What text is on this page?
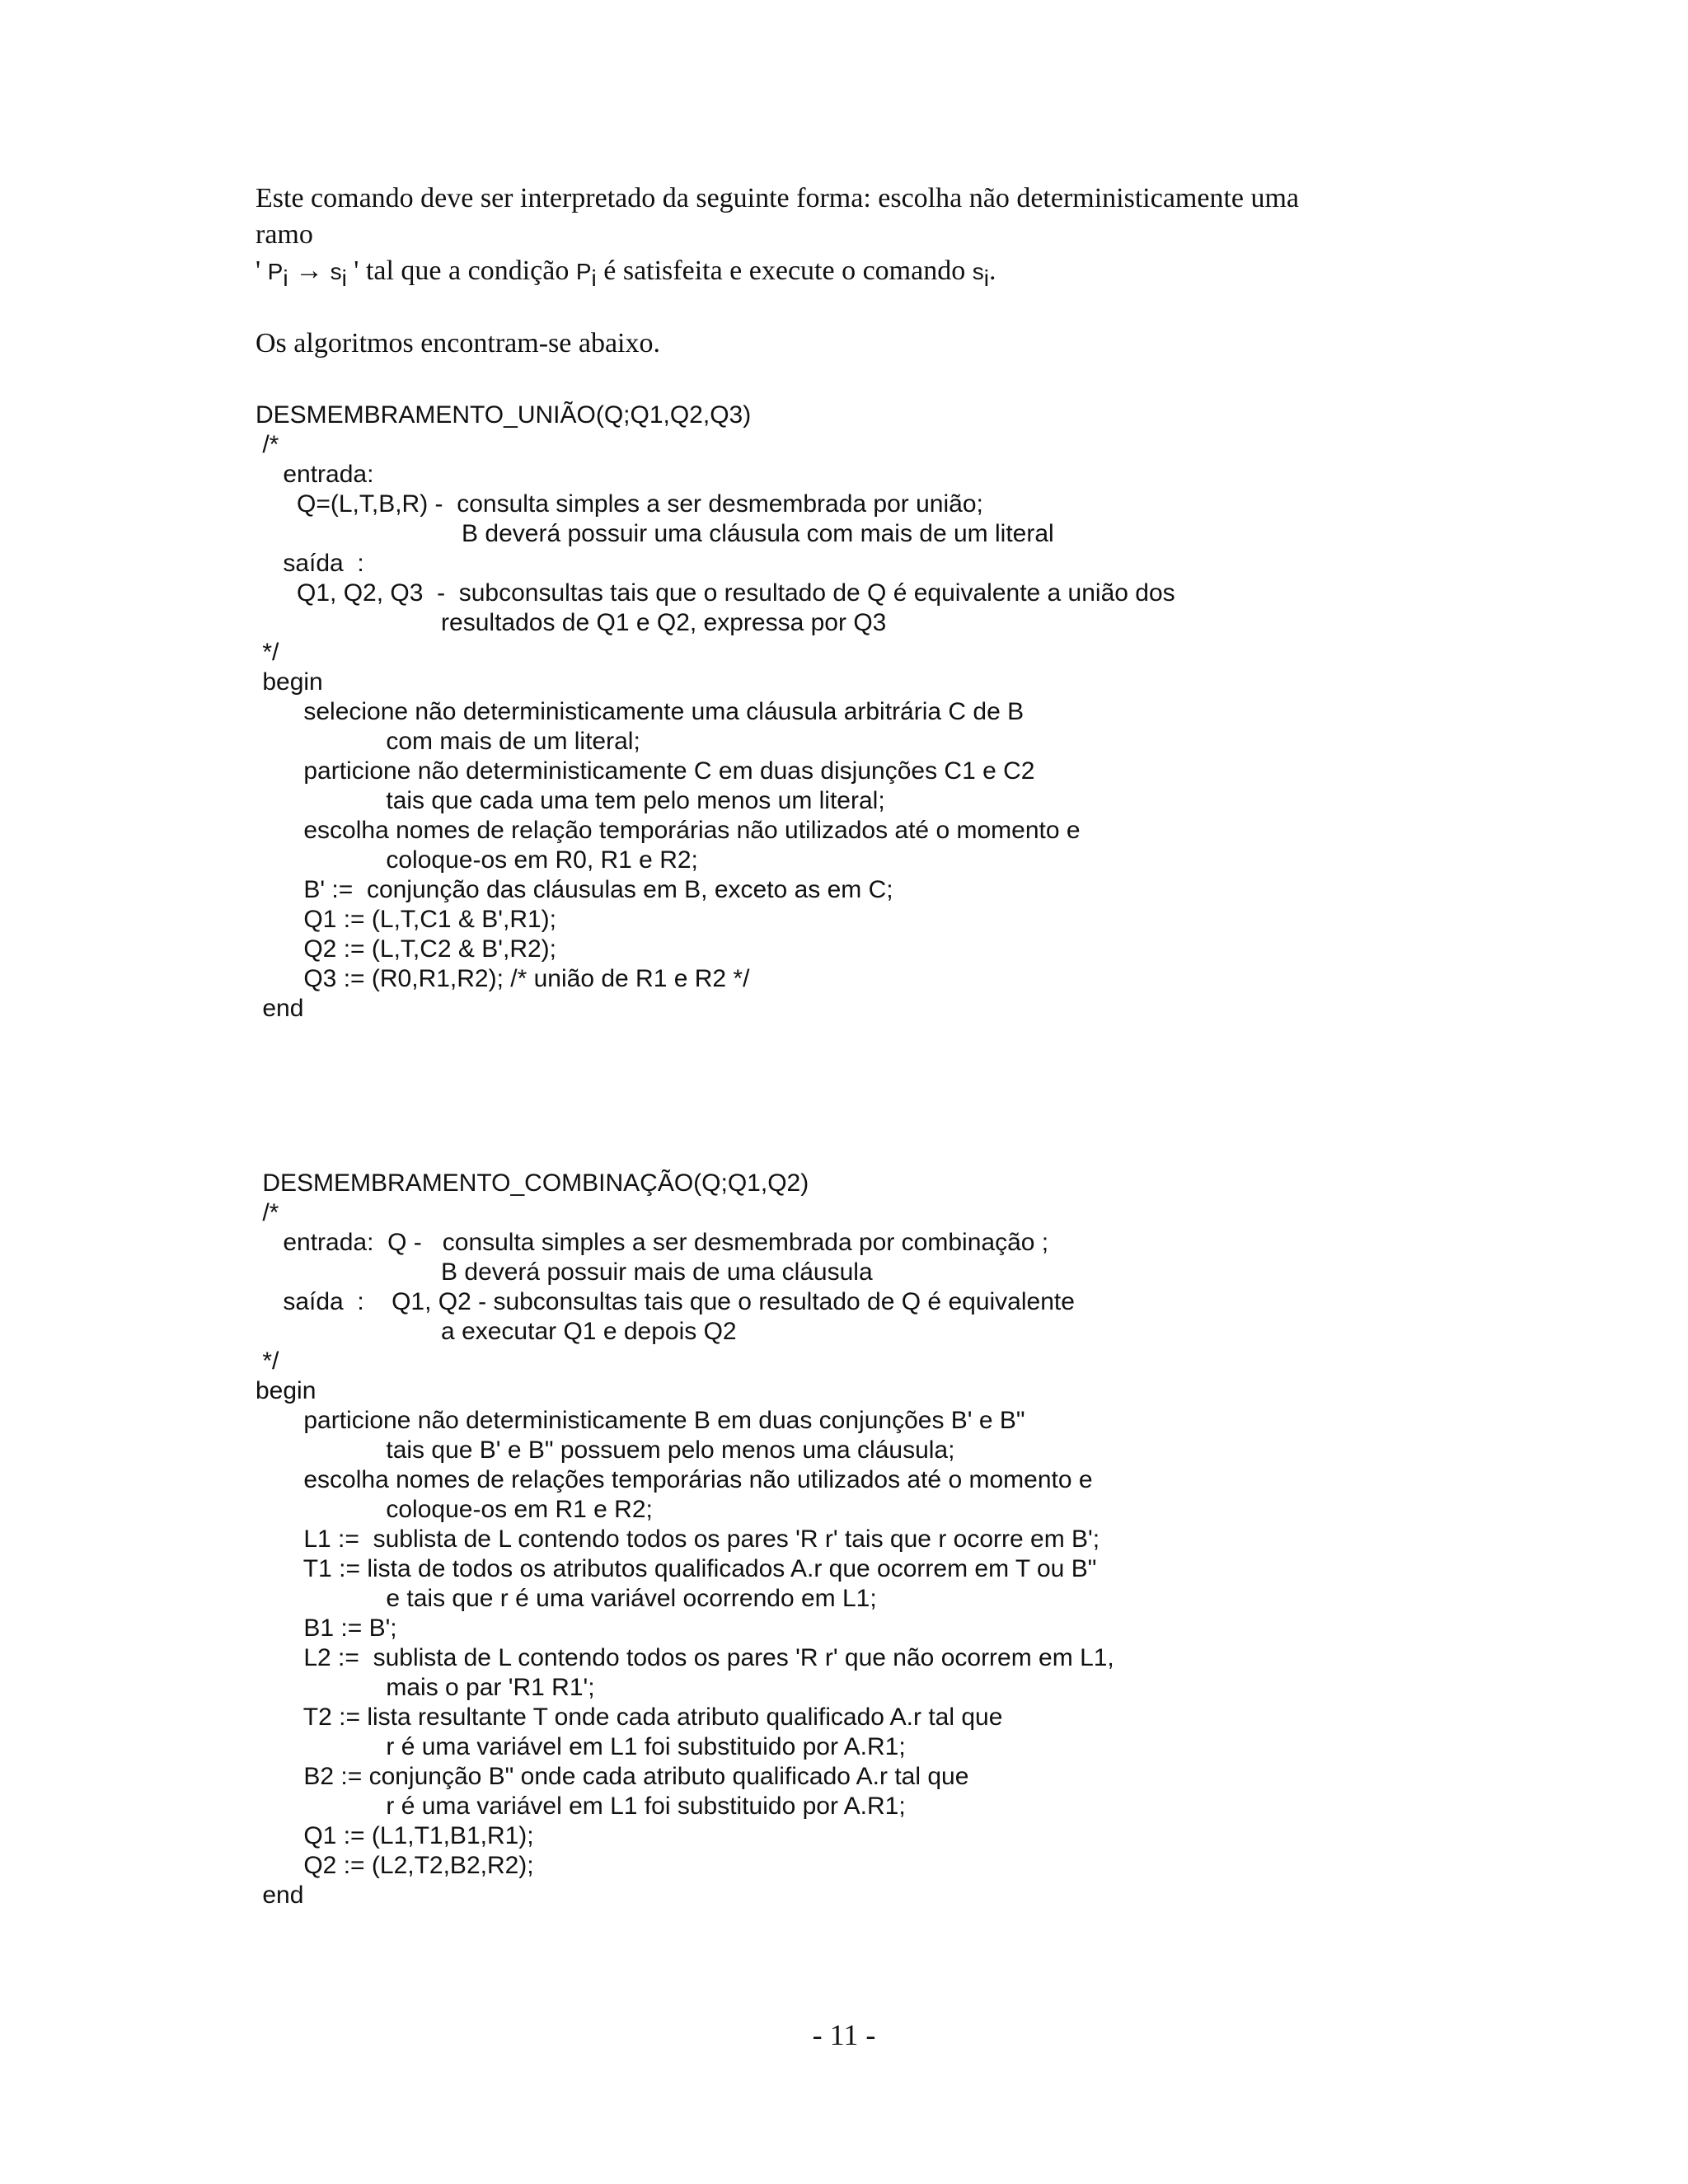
Este comando deve ser interpretado da seguinte forma: escolha não deterministicamente uma
ramo
' $P_i \to s_i$ ' tal que a condição $P_i$ é satisfeita e execute o comando $s_i$.
Os algoritmos encontram-se abaixo.
DESMEMBRAMENTO_UNIÃO(Q;Q1,Q2,Q3)
/*
entrada:
Q=(L,T,B,R) -  consulta simples a ser desmembrada por união;
B deverá possuir uma cláusula com mais de um literal
saída  :
Q1, Q2, Q3  -  subconsultas tais que o resultado de Q é equivalente a união dos
resultados de Q1 e Q2, expressa por Q3
*/
begin
selecione não deterministicamente uma cláusula arbitrária C de B
com mais de um literal;
particione não deterministicamente C em duas disjunções C1 e C2
tais que cada uma tem pelo menos um literal;
escolha nomes de relação temporárias não utilizados até o momento e
coloque-os em R0, R1 e R2;
B' :=  conjunção das cláusulas em B, exceto as em C;
Q1 := (L,T,C1 & B',R1);
Q2 := (L,T,C2 & B',R2);
Q3 := (R0,R1,R2); /* união de R1 e R2 */
end
DESMEMBRAMENTO_COMBINAÇÃO(Q;Q1,Q2)
/*
entrada:  Q -   consulta simples a ser desmembrada por combinação ;
B deverá possuir mais de uma cláusula
saída  :    Q1, Q2 - subconsultas tais que o resultado de Q é equivalente
a executar Q1 e depois Q2
*/
begin
particione não deterministicamente B em duas conjunções B' e B"
tais que B' e B" possuem pelo menos uma cláusula;
escolha nomes de relações temporárias não utilizados até o momento e
coloque-os em R1 e R2;
L1 :=  sublista de L contendo todos os pares 'R r' tais que r ocorre em B';
T1 := lista de todos os atributos qualificados A.r que ocorrem em T ou B"
e tais que r é uma variável ocorrendo em L1;
B1 := B';
L2 :=  sublista de L contendo todos os pares 'R r' que não ocorrem em L1,
mais o par 'R1 R1';
T2 := lista resultante T onde cada atributo qualificado A.r tal que
r é uma variável em L1 foi substituido por A.R1;
B2 := conjunção B" onde cada atributo qualificado A.r tal que
r é uma variável em L1 foi substituido por A.R1;
Q1 := (L1,T1,B1,R1);
Q2 := (L2,T2,B2,R2);
end
- 11 -
